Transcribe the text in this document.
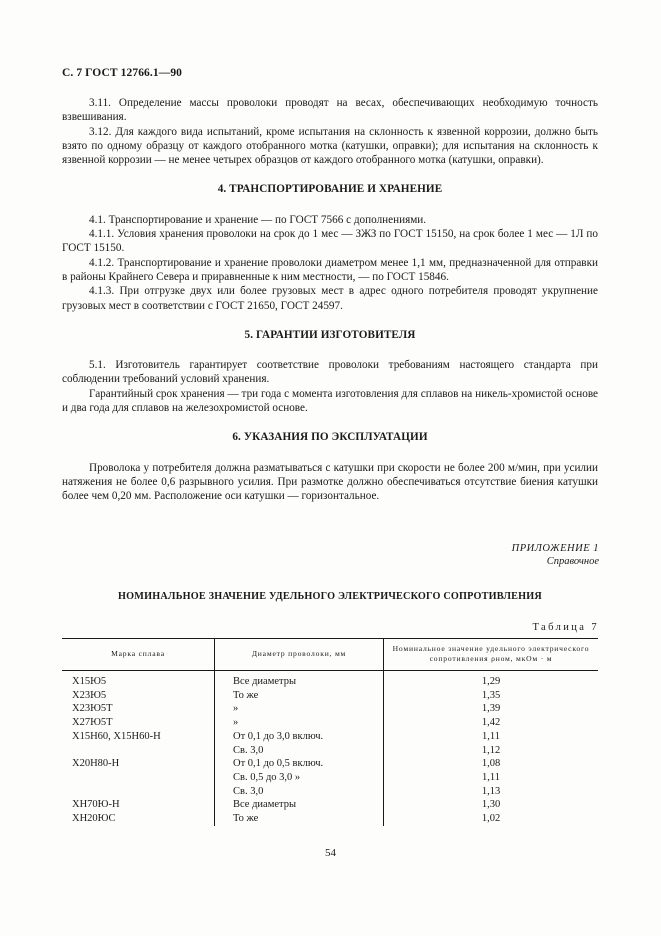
С. 7 ГОСТ 12766.1—90

3.11. Определение массы проволоки проводят на весах, обеспечивающих необходимую точность взвешивания.

3.12. Для каждого вида испытаний, кроме испытания на склонность к язвенной коррозии, должно быть взято по одному образцу от каждого отобранного мотка (катушки, оправки); для испытания на склонность к язвенной коррозии — не менее четырех образцов от каждого отобранного мотка (катушки, оправки).

4. ТРАНСПОРТИРОВАНИЕ И ХРАНЕНИЕ

4.1. Транспортирование и хранение — по ГОСТ 7566 с дополнениями.

4.1.1. Условия хранения проволоки на срок до 1 мес — ЗЖЗ по ГОСТ 15150, на срок более 1 мес — 1Л по ГОСТ 15150.

4.1.2. Транспортирование и хранение проволоки диаметром менее 1,1 мм, предназначенной для отправки в районы Крайнего Севера и приравненные к ним местности, — по ГОСТ 15846.

4.1.3. При отгрузке двух или более грузовых мест в адрес одного потребителя проводят укрупнение грузовых мест в соответствии с ГОСТ 21650, ГОСТ 24597.

5. ГАРАНТИИ ИЗГОТОВИТЕЛЯ

5.1. Изготовитель гарантирует соответствие проволоки требованиям настоящего стандарта при соблюдении требований условий хранения.

Гарантийный срок хранения — три года с момента изготовления для сплавов на никель-хромистой основе и два года для сплавов на железохромистой основе.

6. УКАЗАНИЯ ПО ЭКСПЛУАТАЦИИ

Проволока у потребителя должна разматываться с катушки при скорости не более 200 м/мин, при усилии натяжения не более 0,6 разрывного усилия. При размотке должно обеспечиваться отсутствие биения катушки более чем 0,20 мм. Расположение оси катушки — горизонтальное.

ПРИЛОЖЕНИЕ 1
Справочное
НОМИНАЛЬНОЕ ЗНАЧЕНИЕ УДЕЛЬНОГО ЭЛЕКТРИЧЕСКОГО СОПРОТИВЛЕНИЯ
Таблица 7
Марка сплава	Диаметр проволоки, мм	Номинальное значение удельного электрического сопротивления ρном, мкОм · м
Х15Ю5	Все диаметры	1,29
Х23Ю5	То же	1,35
Х23Ю5Т	»	1,39
Х27Ю5Т	»	1,42
Х15Н60, Х15Н60-Н	От 0,1 до 3,0 включ.	1,11
	Св. 3,0	1,12
Х20Н80-Н	От 0,1 до 0,5 включ.	1,08
	Св. 0,5 до 3,0 »	1,11
	Св. 3,0	1,13
ХН70Ю-Н	Все диаметры	1,30
ХН20ЮС	То же	1,02
54
